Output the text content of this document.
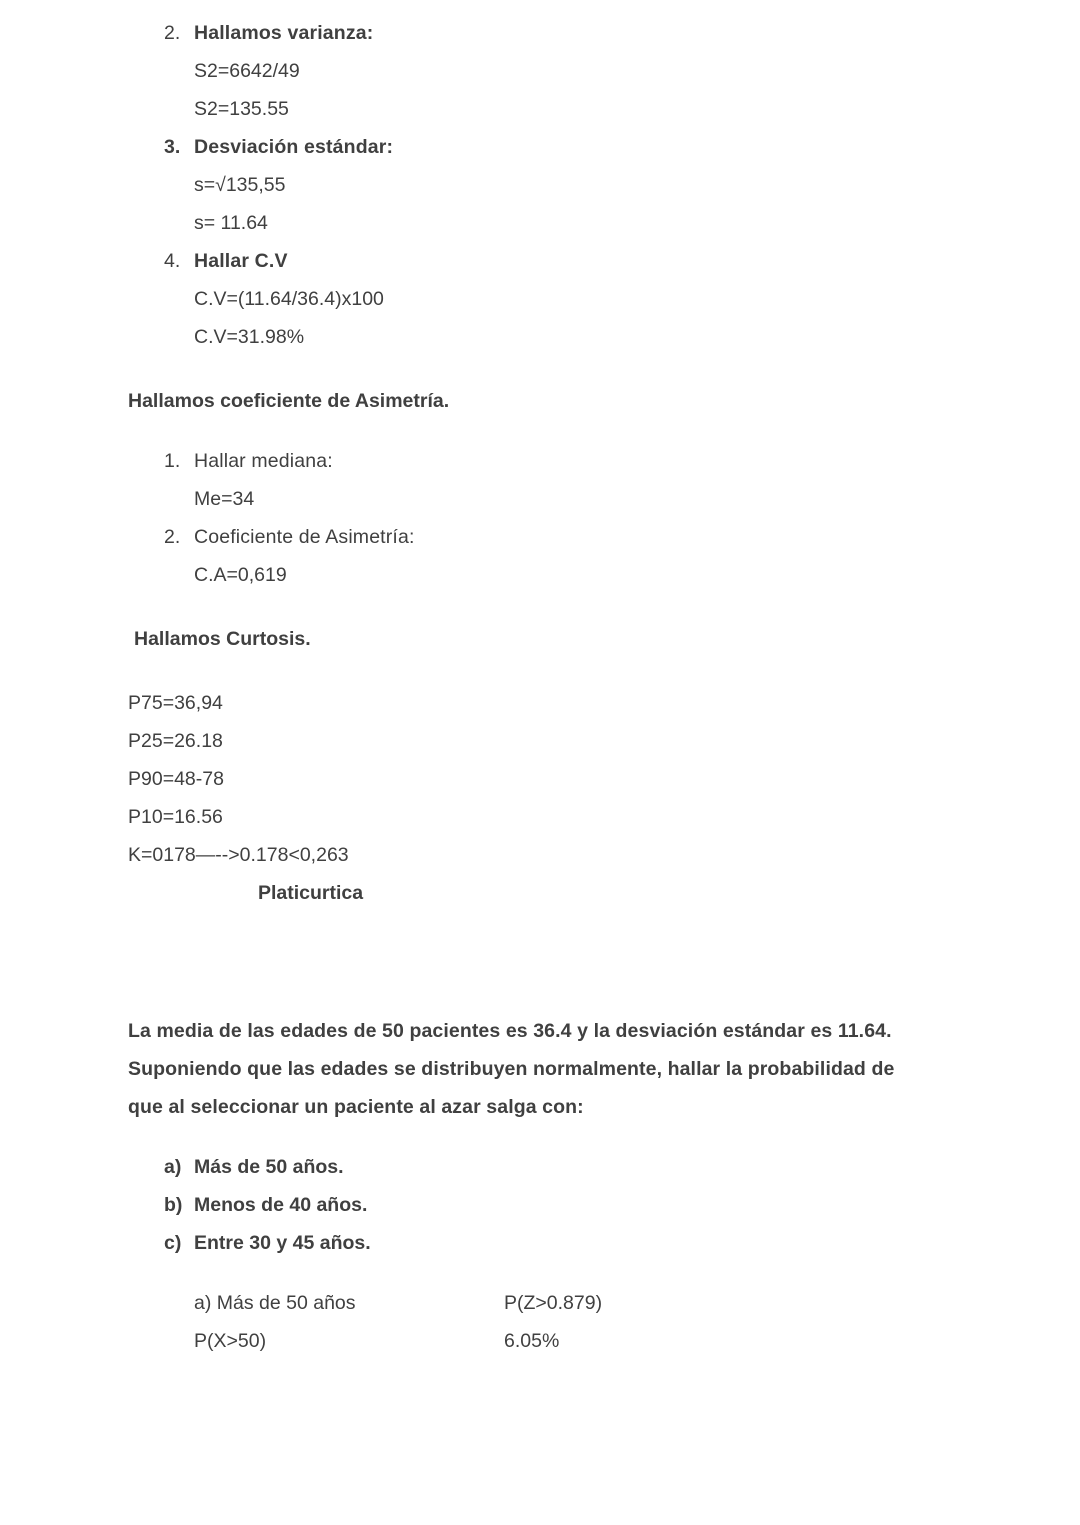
2. Hallamos varianza:
S2=6642/49
S2=135.55
3. Desviación estándar:
s=√135,55
s= 11.64
4. Hallar C.V
C.V=(11.64/36.4)x100
C.V=31.98%
Hallamos coeficiente de Asimetría.
1. Hallar mediana:
Me=34
2. Coeficiente de Asimetría:
C.A=0,619
Hallamos Curtosis.
P75=36,94
P25=26.18
P90=48-78
P10=16.56
K=0178—-->0.178<0,263
Platicurtica
La media de las edades de 50 pacientes es 36.4 y la desviación estándar es 11.64. Suponiendo que las edades se distribuyen normalmente, hallar la probabilidad de que al seleccionar un paciente al azar salga con:
a) Más de 50 años.
b) Menos de 40 años.
c) Entre 30 y 45 años.
a) Más de 50 años	P(Z>0.879)
P(X>50)	6.05%
